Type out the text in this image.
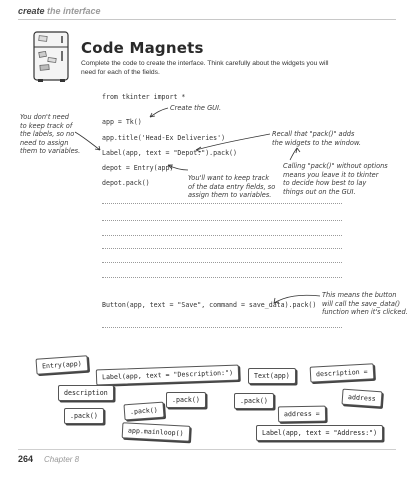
create the interface
Code Magnets
Complete the code to create the interface. Think carefully about the widgets you will need for each of the fields.
from tkinter import *
app = Tk()
app.title('Head-Ex Deliveries')
Label(app, text = "Depot:").pack()
depot = Entry(app)
depot.pack()
Create the GUI.
You don't need
to keep track of
the labels, so no
need to assign
them to variables.
Recall that "pack()" adds
the widgets to the window.
You'll want to keep track
of the data entry fields, so
assign them to variables.
Calling "pack()" without options
means you leave it to tkinter
to decide how best to lay
things out on the GUI.
Button(app, text = "Save", command = save_data).pack()
This means the button
will call the save_data()
function when it's clicked.
Entry(app)
Label(app, text = "Description:")	Text(app)	description =
description
.pack()	.pack()	address
.pack()
.pack()	address =
app.mainloop()	Label(app, text = "Address:")
264 Chapter 8
